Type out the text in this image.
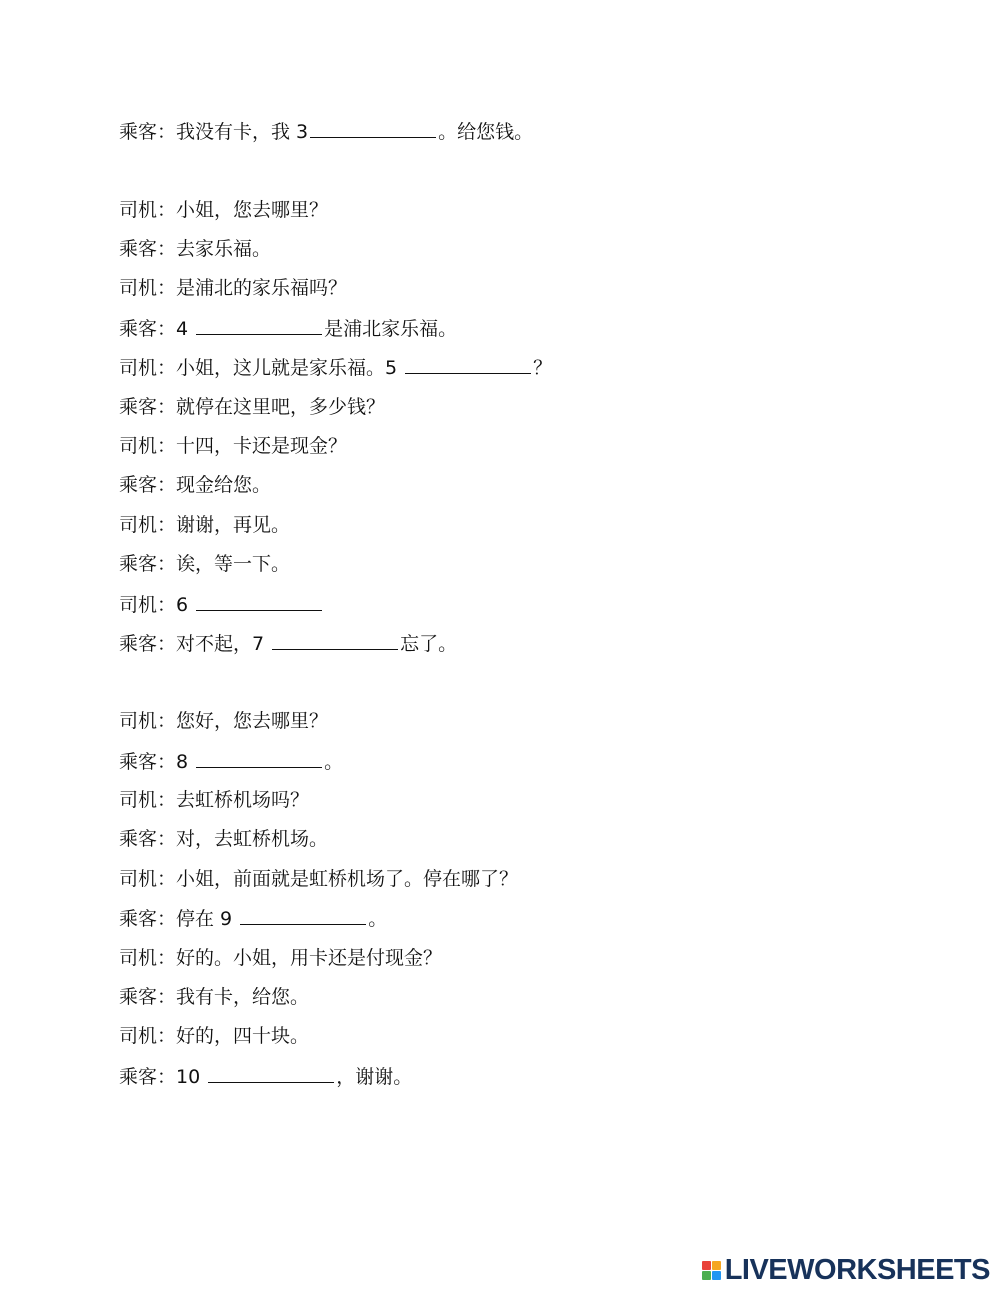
乘客：我没有卡，我 3	。给您钱。
司机：小姐，您去哪里？
乘客：去家乐福。
司机：是浦北的家乐福吗？
乘客：4	是浦北家乐福。
司机：小姐，这儿就是家乐福。5	？
乘客：就停在这里吧，多少钱？
司机：十四，卡还是现金？
乘客：现金给您。
司机：谢谢，再见。
乘客：诶，等一下。
司机：6
乘客：对不起，7	忘了。
司机：您好，您去哪里？
乘客：8	。
司机：去虹桥机场吗？
乘客：对，去虹桥机场。
司机：小姐，前面就是虹桥机场了。停在哪了？
乘客：停在 9	。
司机：好的。小姐，用卡还是付现金？
乘客：我有卡，给您。
司机：好的，四十块。
乘客：10	，谢谢。
LIVEWORKSHEETS
